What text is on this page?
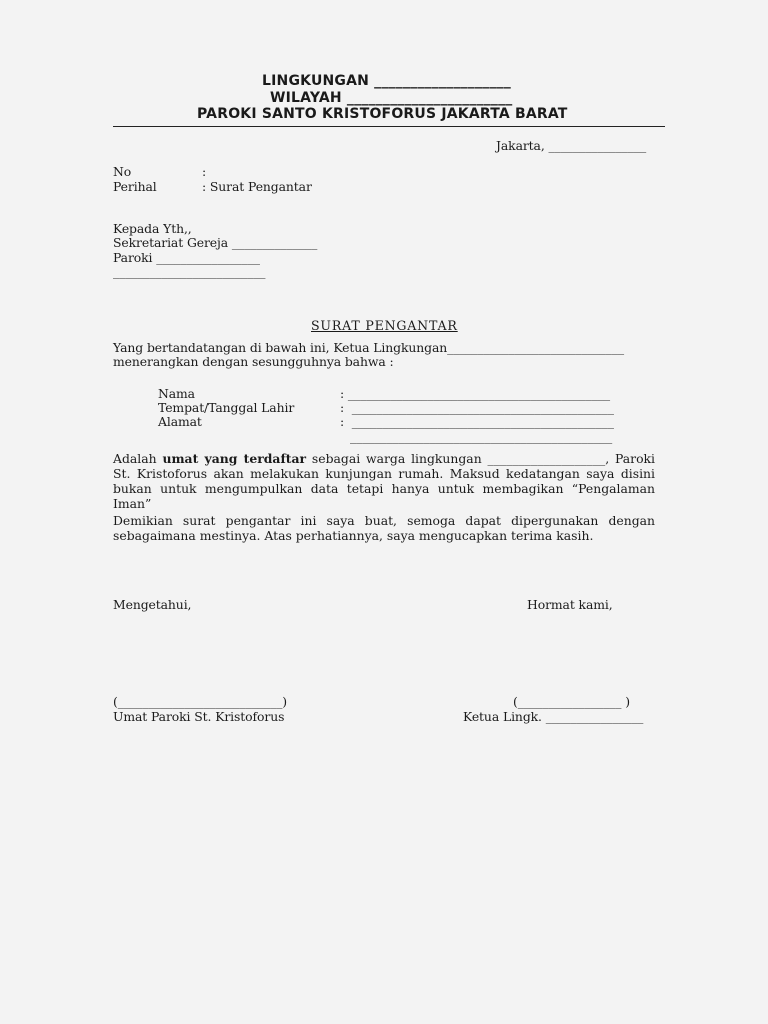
LINGKUNGAN ___________________
WILAYAH _______________________
PAROKI SANTO KRISTOFORUS JAKARTA BARAT
Jakarta, ________________
No	:
Perihal	: Surat Pengantar
Kepada Yth,,
Sekretariat Gereja ______________
Paroki _________________
_________________________
SURAT PENGANTAR
Yang bertandatangan di bawah ini, Ketua Lingkungan_____________________________
menerangkan dengan sesungguhnya bahwa :
Nama	: ___________________________________________
Tempat/Tanggal Lahir	:  ___________________________________________
Alamat	:  ___________________________________________
___________________________________________
Adalah umat yang terdaftar sebagai warga lingkungan ___________________, Paroki St. Kristoforus akan melakukan kunjungan rumah. Maksud kedatangan saya disini bukan untuk mengumpulkan data tetapi hanya untuk membagikan “Pengalaman Iman”
Demikian surat pengantar ini saya buat, semoga dapat dipergunakan dengan sebagaimana mestinya. Atas perhatiannya, saya mengucapkan terima kasih.
Mengetahui,	Hormat kami,
(___________________________)	(_________________ )
Umat Paroki St. Kristoforus	Ketua Lingk. ________________
